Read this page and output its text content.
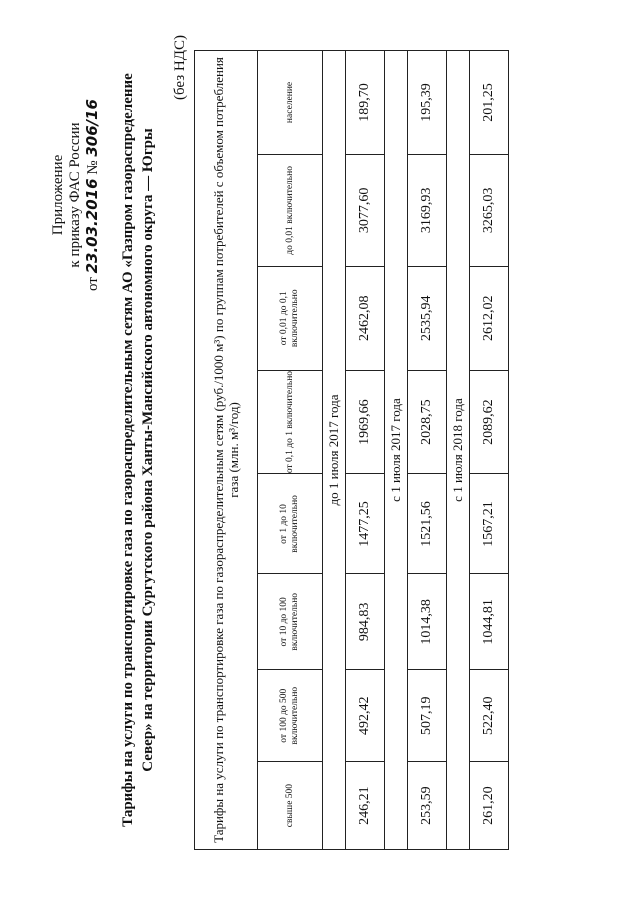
Приложение к приказу ФАС России
от 23.03.2016 № 306/16 Тарифы на услуги по транспортировке газа по газораспределительным сетям АО «Газпром газораспределение Север» на территории Сургутского района Ханты-Мансийского автономного округа — Югры
(без НДС) Тарифы на услуги по транспортировке газа по газораспределительным сетям (руб./1000 м³) по группам потребителей с объемом потребления газа (млн. м³/год)							
свыше 500	от 100 до 500 включительно	от 10 до 100 включительно	от 1 до 10 включительно	от 0,1 до 1 включительно	от 0,01 до 0,1 включительно	до 0,01 включительно	население
до 1 июля 2017 года							
246,21	492,42	984,83	1477,25	1969,66	2462,08	3077,60	189,70
с 1 июля 2017 года							
253,59	507,19	1014,38	1521,56	2028,75	2535,94	3169,93	195,39
с 1 июля 2018 года							
261,20	522,40	1044,81	1567,21	2089,62	2612,02	3265,03	201,25
